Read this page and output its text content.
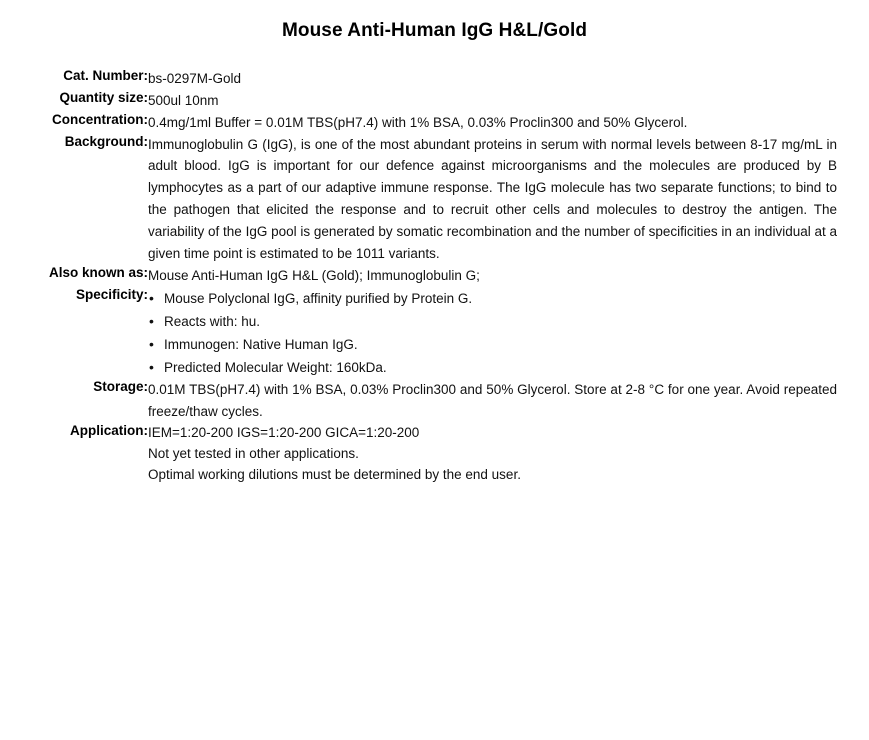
Mouse Anti-Human IgG H&L/Gold
Cat. Number:	bs-0297M-Gold
Quantity size:	500ul 10nm
Concentration:	0.4mg/1ml Buffer = 0.01M TBS(pH7.4) with 1% BSA, 0.03% Proclin300 and 50% Glycerol.
Background:	Immunoglobulin G (IgG), is one of the most abundant proteins in serum with normal levels between 8-17 mg/mL in adult blood. IgG is important for our defence against microorganisms and the molecules are produced by B lymphocytes as a part of our adaptive immune response. The IgG molecule has two separate functions; to bind to the pathogen that elicited the response and to recruit other cells and molecules to destroy the antigen. The variability of the IgG pool is generated by somatic recombination and the number of specificities in an individual at a given time point is estimated to be 1011 variants.
Also known as:	Mouse Anti-Human IgG H&L (Gold); Immunoglobulin G;
Specificity:	
•Mouse Polyclonal IgG, affinity purified by Protein G.
• Reacts with: hu.
• Immunogen: Native Human IgG.
• Predicted Molecular Weight: 160kDa.

Storage:	0.01M TBS(pH7.4) with 1% BSA, 0.03% Proclin300 and 50% Glycerol. Store at 2-8 °C for one year. Avoid repeated freeze/thaw cycles.
Application:	IEM=1:20-200 IGS=1:20-200 GICA=1:20-200
Not yet tested in other applications.
Optimal working dilutions must be determined by the end user.
